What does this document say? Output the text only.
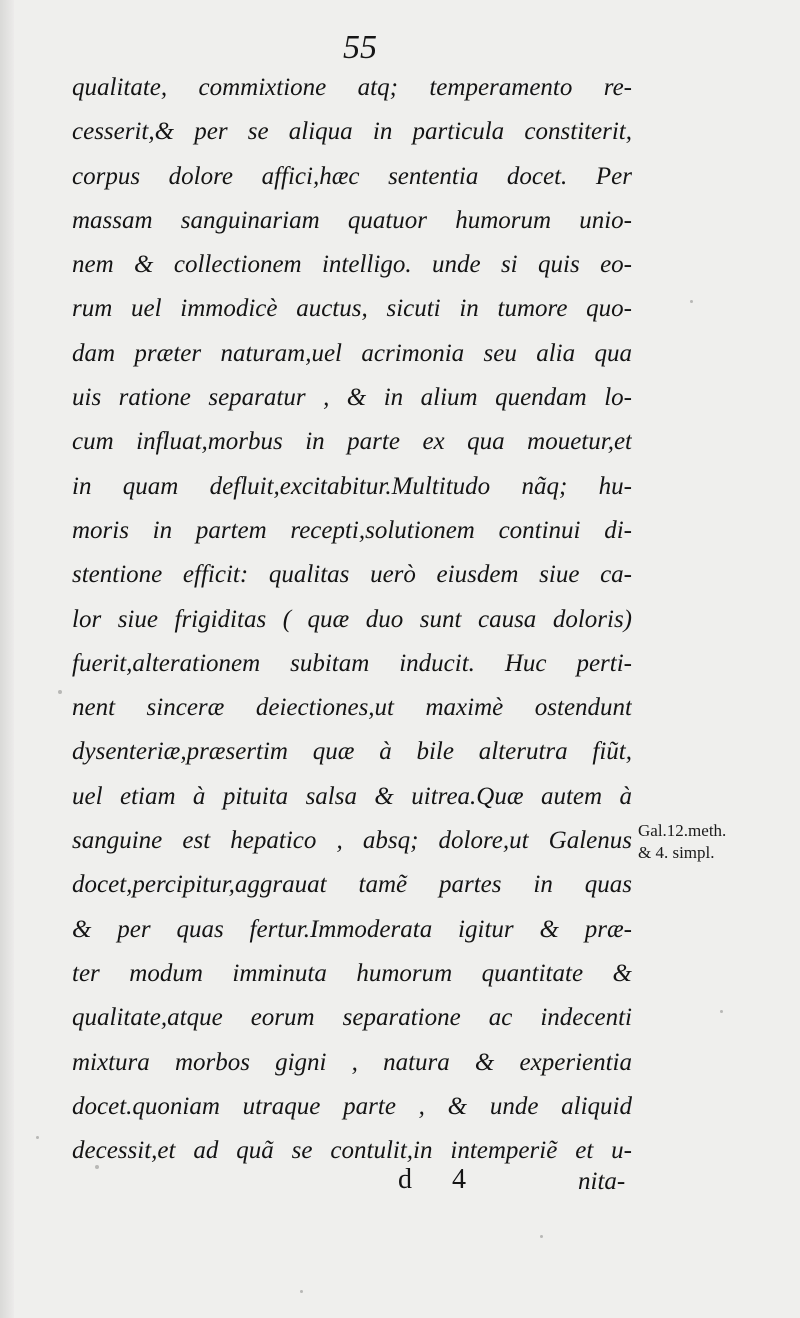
55
qualitate, commixtione atq; temperamento re-
cesserit,& per se aliqua in particula constiterit,
corpus dolore affici,hæc sententia docet. Per
massam sanguinariam quatuor humorum unio-
nem & collectionem intelligo. unde si quis eo-
rum uel immodicè auctus, sicuti in tumore quo-
dam præter naturam,uel acrimonia seu alia qua
uis ratione separatur , & in alium quendam lo-
cum influat,morbus in parte ex qua mouetur,et
in quam defluit,excitabitur.Multitudo nãq; hu-
moris in partem recepti,solutionem continui di-
stentione efficit: qualitas uerò eiusdem siue ca-
lor siue frigiditas ( quæ duo sunt causa doloris)
fuerit,alterationem subitam inducit. Huc perti-
nent sinceræ deiectiones,ut maximè ostendunt
dysenteriæ,præsertim quæ à bile alterutra fiũt,
uel etiam à pituita salsa & uitrea.Quæ autem à
sanguine est hepatico , absq; dolore,ut Galenus
docet,percipitur,aggrauat tamẽ partes in quas
& per quas fertur.Immoderata igitur & præ-
ter modum imminuta humorum quantitate &
qualitate,atque eorum separatione ac indecenti
mixtura morbos gigni , natura & experientia
docet.quoniam utraque parte , & unde aliquid
decessit,et ad quã se contulit,in intemperiẽ et u-
Gal.12.meth.
& 4. simpl.
d 4	nita-
